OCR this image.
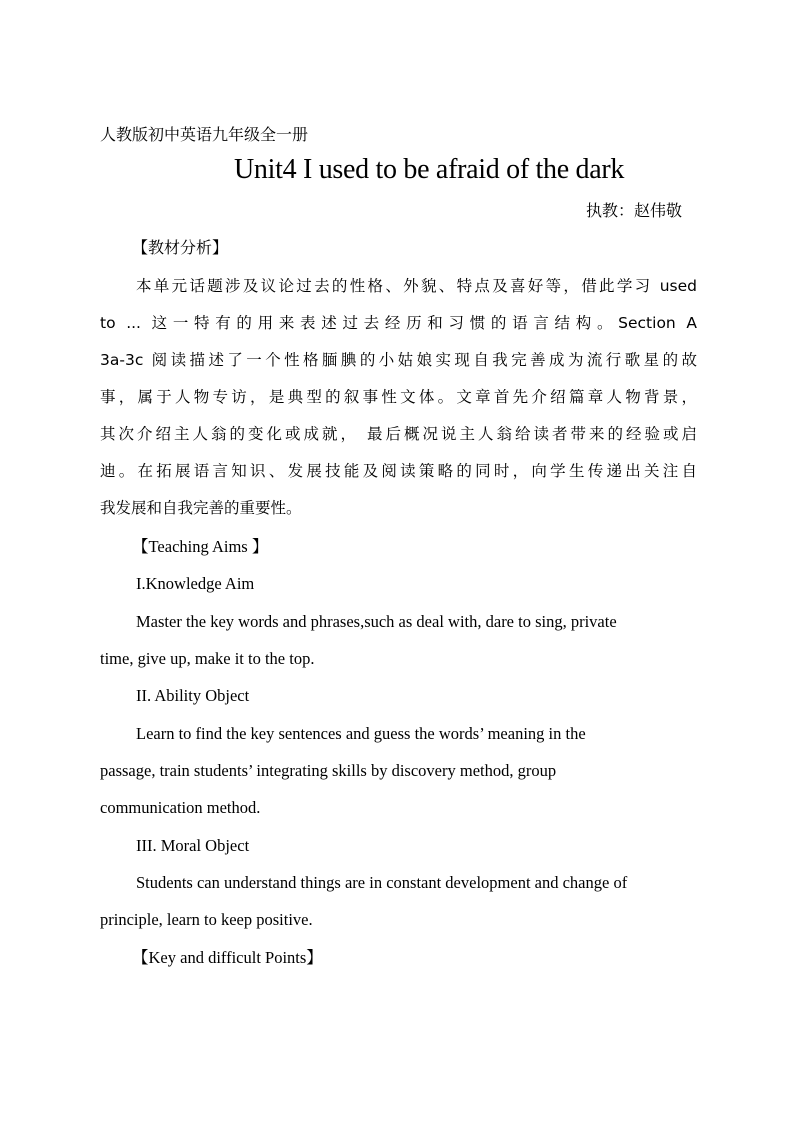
人教版初中英语九年级全一册
Unit4 I used to be afraid of the dark
执教：赵伟敬
【教材分析】
本单元话题涉及议论过去的性格、外貌、特点及喜好等，借此学习 used
to ... 这一特有的用来表述过去经历和习惯的语言结构。Section A
3a-3c 阅读描述了一个性格腼腆的小姑娘实现自我完善成为流行歌星的故
事，属于人物专访，是典型的叙事性文体。文章首先介绍篇章人物背景，
其次介绍主人翁的变化或成就， 最后概况说主人翁给读者带来的经验或启
迪。在拓展语言知识、发展技能及阅读策略的同时，向学生传递出关注自
我发展和自我完善的重要性。
【Teaching Aims 】
I.Knowledge Aim
Master the key words and phrases,such as deal with, dare to sing, private
time, give up, make it to the top.
II. Ability Object
Learn to find the key sentences and guess the words’ meaning in the
passage, train students’ integrating skills by discovery method, group
communication method.
III. Moral Object
Students can understand things are in constant development and change of
principle, learn to keep positive.
【Key and difficult Points】
